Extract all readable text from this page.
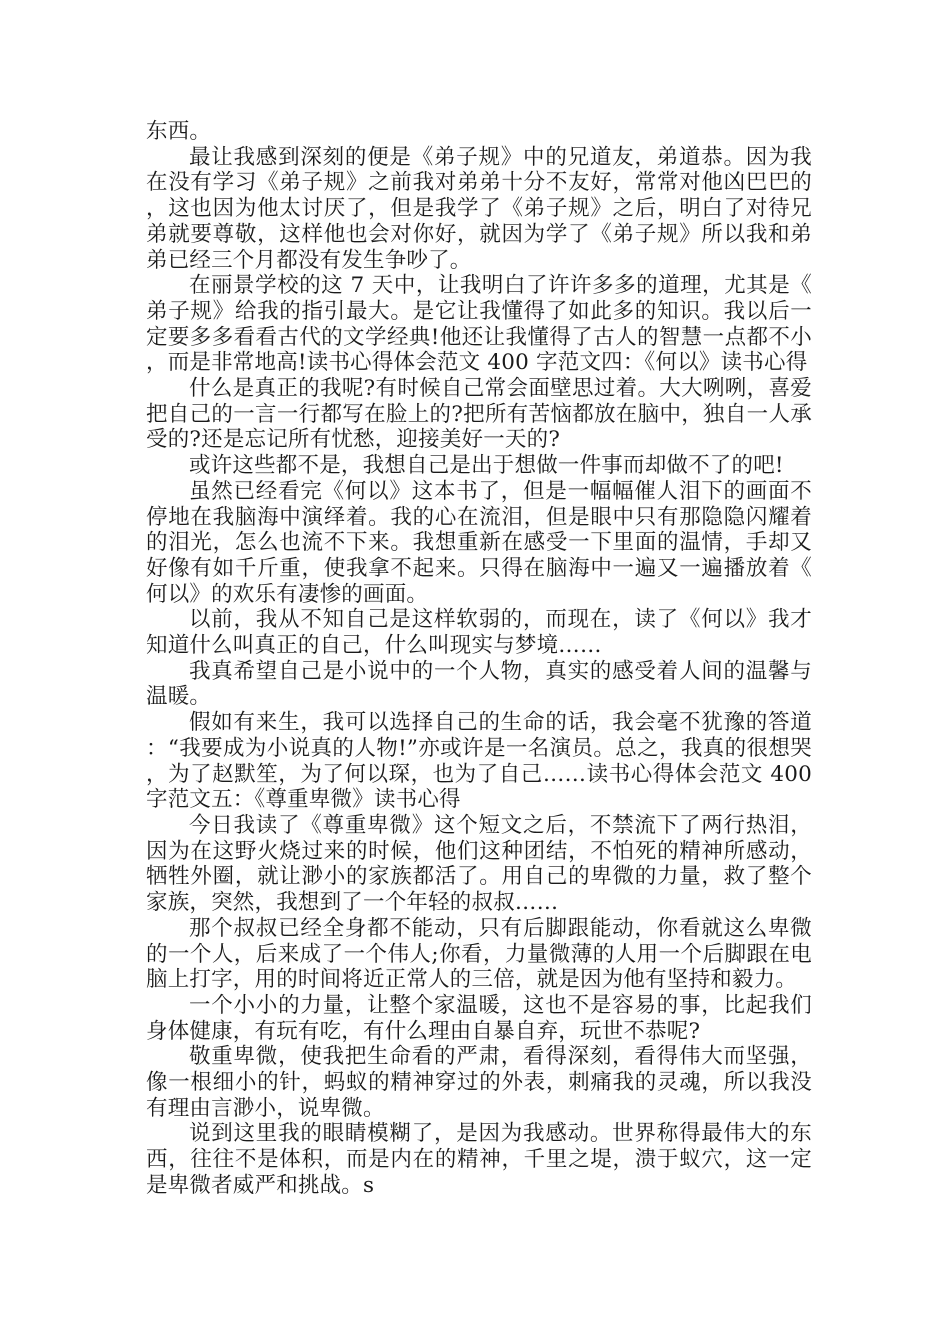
东西。

最让我感到深刻的便是《弟子规》中的兄道友，弟道恭。因为我在没有学习《弟子规》之前我对弟弟十分不友好，常常对他凶巴巴的，这也因为他太讨厌了，但是我学了《弟子规》之后，明白了对待兄弟就要尊敬，这样他也会对你好，就因为学了《弟子规》所以我和弟弟已经三个月都没有发生争吵了。

在丽景学校的这 7 天中，让我明白了许许多多的道理，尤其是《弟子规》给我的指引最大。是它让我懂得了如此多的知识。我以后一定要多多看看古代的文学经典!他还让我懂得了古人的智慧一点都不小，而是非常地高!读书心得体会范文 400 字范文四：《何以》读书心得

什么是真正的我呢?有时候自己常会面壁思过着。大大咧咧，喜爱把自己的一言一行都写在脸上的?把所有苦恼都放在脑中，独自一人承受的?还是忘记所有忧愁，迎接美好一天的?

或许这些都不是，我想自己是出于想做一件事而却做不了的吧!

虽然已经看完《何以》这本书了，但是一幅幅催人泪下的画面不停地在我脑海中演绎着。我的心在流泪，但是眼中只有那隐隐闪耀着的泪光，怎么也流不下来。我想重新在感受一下里面的温情，手却又好像有如千斤重，使我拿不起来。只得在脑海中一遍又一遍播放着《何以》的欢乐有凄惨的画面。

以前，我从不知自己是这样软弱的，而现在，读了《何以》我才知道什么叫真正的自己，什么叫现实与梦境……

我真希望自己是小说中的一个人物，真实的感受着人间的温馨与温暖。

假如有来生，我可以选择自己的生命的话，我会毫不犹豫的答道：“我要成为小说真的人物!”亦或许是一名演员。总之，我真的很想哭，为了赵默笙，为了何以琛，也为了自己……读书心得体会范文 400 字范文五：《尊重卑微》读书心得

今日我读了《尊重卑微》这个短文之后，不禁流下了两行热泪，因为在这野火烧过来的时候，他们这种团结，不怕死的精神所感动，牺牲外圈，就让渺小的家族都活了。用自己的卑微的力量，救了整个家族，突然，我想到了一个年轻的叔叔……

那个叔叔已经全身都不能动，只有后脚跟能动，你看就这么卑微的一个人，后来成了一个伟人;你看，力量微薄的人用一个后脚跟在电脑上打字，用的时间将近正常人的三倍，就是因为他有坚持和毅力。

一个小小的力量，让整个家温暖，这也不是容易的事，比起我们身体健康，有玩有吃，有什么理由自暴自弃，玩世不恭呢?

敬重卑微，使我把生命看的严肃，看得深刻，看得伟大而坚强，像一根细小的针，蚂蚁的精神穿过的外表，刺痛我的灵魂，所以我没有理由言渺小，说卑微。

说到这里我的眼睛模糊了，是因为我感动。世界称得最伟大的东西，往往不是体积，而是内在的精神，千里之堤，溃于蚁穴，这一定是卑微者威严和挑战。s
